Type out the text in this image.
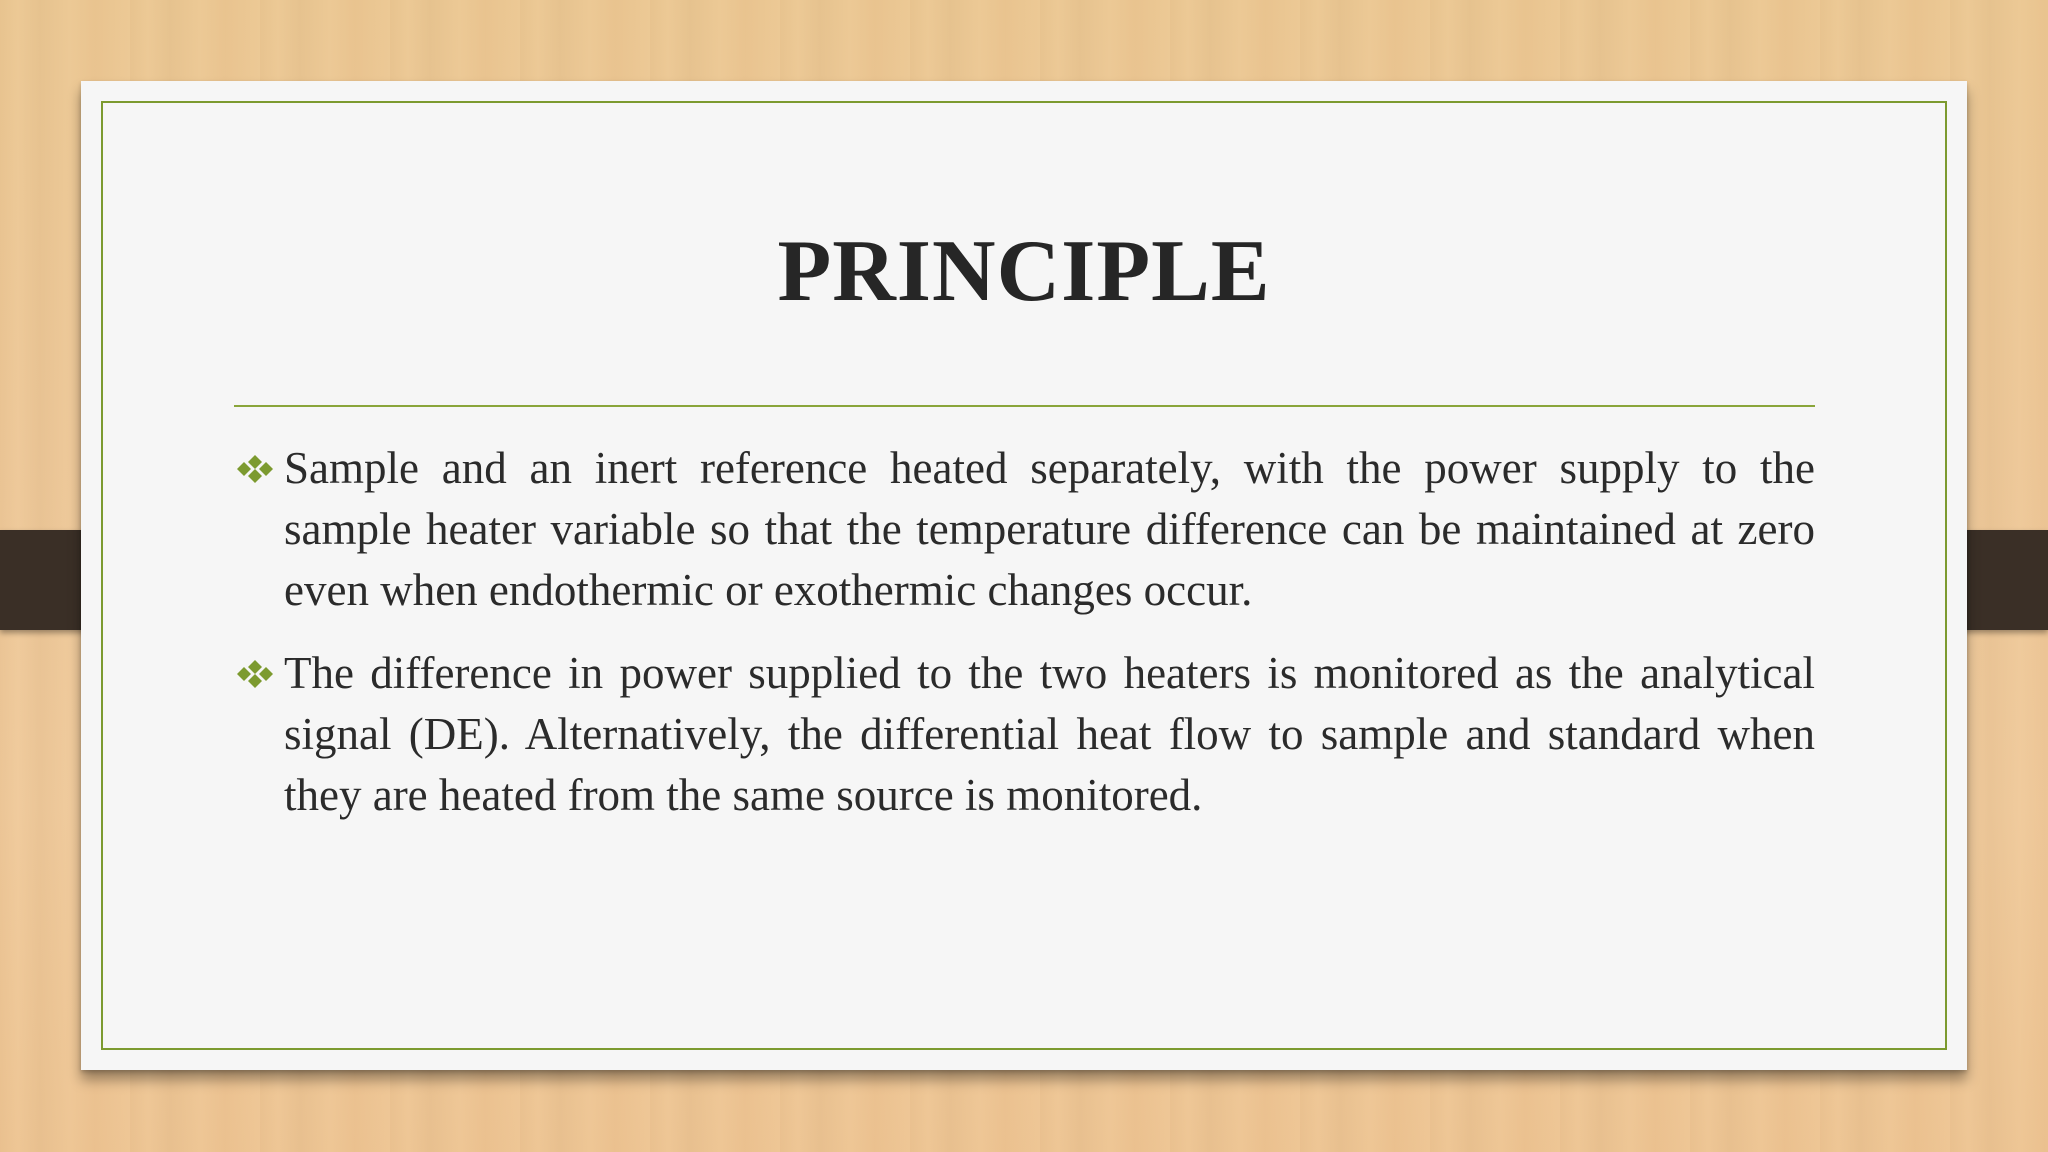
PRINCIPLE

Sample and an inert reference heated separately, with the power supply to the sample heater variable so that the temperature difference can be maintained at zero even when endothermic or exothermic changes occur.

The difference in power supplied to the two heaters is monitored as the analytical signal (DE). Alternatively, the differential heat flow to sample and standard when they are heated from the same source is monitored.
